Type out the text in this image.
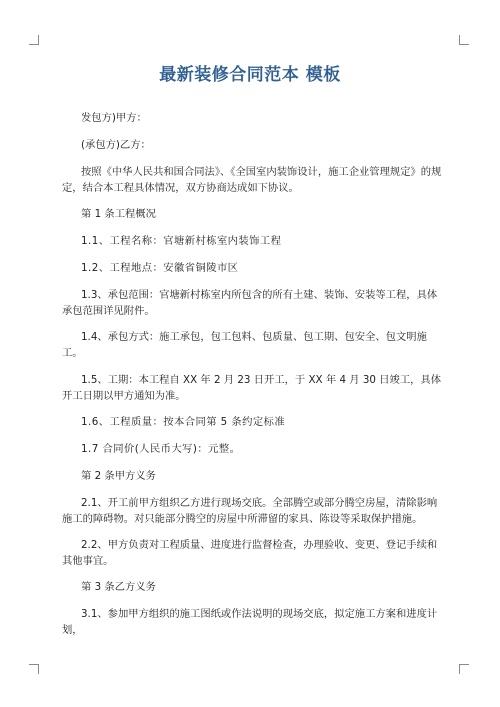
最新装修合同范本 模板

发包方)甲方：

(承包方)乙方：

按照《中华人民共和国合同法》、《全国室内装饰设计，施工企业管理规定》的规定，结合本工程具体情况，双方协商达成如下协议。

第 1 条工程概况

1.1、工程名称：官塘新村栋室内装饰工程

1.2、工程地点：安徽省铜陵市区

1.3、承包范围：官塘新村栋室内所包含的所有土建、装饰、安装等工程，具体承包范围详见附件。

1.4、承包方式：施工承包，包工包料、包质量、包工期、包安全、包文明施工。

1.5、工期：本工程自 XX 年 2 月 23 日开工，于 XX 年 4 月 30 日竣工，具体开工日期以甲方通知为准。

1.6、工程质量：按本合同第 5 条约定标准

1.7 合同价(人民币大写)：元整。

第 2 条甲方义务

2.1、开工前甲方组织乙方进行现场交底。全部腾空或部分腾空房屋，清除影响施工的障碍物。对只能部分腾空的房屋中所滞留的家具、陈设等采取保护措施。

2.2、甲方负责对工程质量、进度进行监督检查，办理验收、变更、登记手续和其他事宜。

第 3 条乙方义务

3.1、参加甲方组织的施工图纸或作法说明的现场交底，拟定施工方案和进度计划，
